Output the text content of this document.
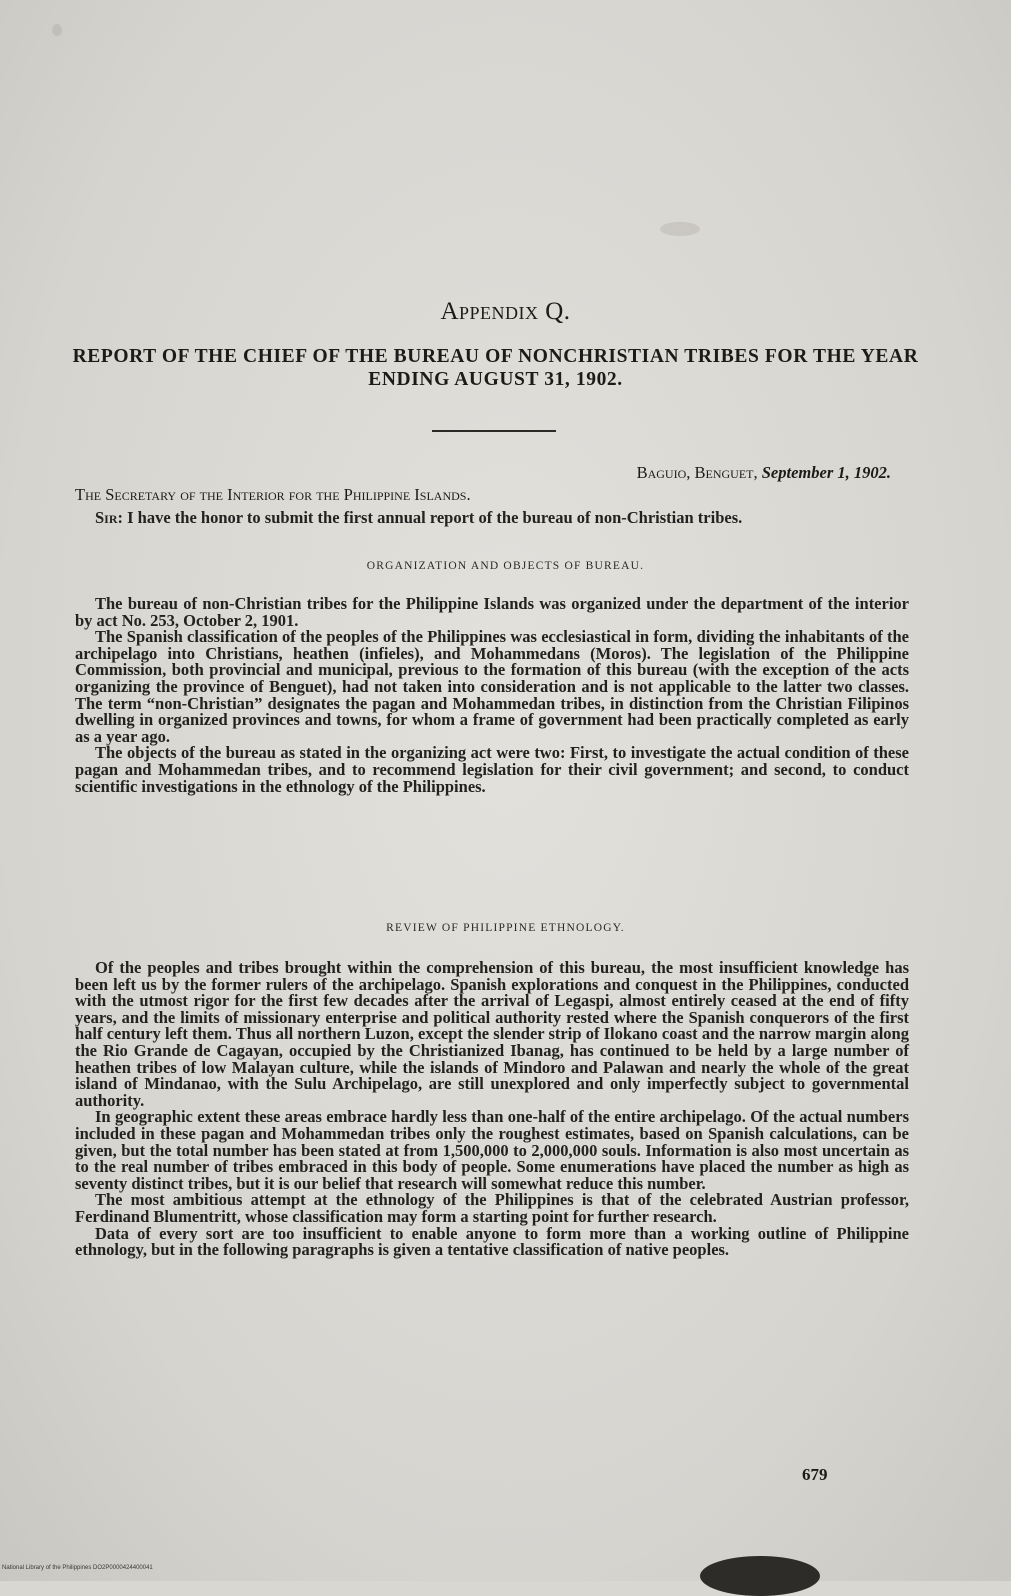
Appendix Q.
REPORT OF THE CHIEF OF THE BUREAU OF NONCHRISTIAN TRIBES FOR THE YEAR ENDING AUGUST 31, 1902.
Baguio, Benguet, September 1, 1902.
The Secretary of the Interior for the Philippine Islands.

Sir: I have the honor to submit the first annual report of the bureau of non-Christian tribes.

ORGANIZATION AND OBJECTS OF BUREAU.

The bureau of non-Christian tribes for the Philippine Islands was organized under the department of the interior by act No. 253, October 2, 1901.

The Spanish classification of the peoples of the Philippines was ecclesiastical in form, dividing the inhabitants of the archipelago into Christians, heathen (infieles), and Mohammedans (Moros). The legislation of the Philippine Commission, both provincial and municipal, previous to the formation of this bureau (with the exception of the acts organizing the province of Benguet), had not taken into consideration and is not applicable to the latter two classes. The term “non-Christian” designates the pagan and Mohammedan tribes, in distinction from the Christian Filipinos dwelling in organized provinces and towns, for whom a frame of government had been practically completed as early as a year ago.

The objects of the bureau as stated in the organizing act were two: First, to investigate the actual condition of these pagan and Mohammedan tribes, and to recommend legislation for their civil government; and second, to conduct scientific investigations in the ethnology of the Philippines.

REVIEW OF PHILIPPINE ETHNOLOGY.

Of the peoples and tribes brought within the comprehension of this bureau, the most insufficient knowledge has been left us by the former rulers of the archipelago. Spanish explorations and conquest in the Philippines, conducted with the utmost rigor for the first few decades after the arrival of Legaspi, almost entirely ceased at the end of fifty years, and the limits of missionary enterprise and political authority rested where the Spanish conquerors of the first half century left them. Thus all northern Luzon, except the slender strip of Ilokano coast and the narrow margin along the Rio Grande de Cagayan, occupied by the Christianized Ibanag, has continued to be held by a large number of heathen tribes of low Malayan culture, while the islands of Mindoro and Palawan and nearly the whole of the great island of Mindanao, with the Sulu Archipelago, are still unexplored and only imperfectly subject to governmental authority.

In geographic extent these areas embrace hardly less than one-half of the entire archipelago. Of the actual numbers included in these pagan and Mohammedan tribes only the roughest estimates, based on Spanish calculations, can be given, but the total number has been stated at from 1,500,000 to 2,000,000 souls. Information is also most uncertain as to the real number of tribes embraced in this body of people. Some enumerations have placed the number as high as seventy distinct tribes, but it is our belief that research will somewhat reduce this number.

The most ambitious attempt at the ethnology of the Philippines is that of the celebrated Austrian professor, Ferdinand Blumentritt, whose classification may form a starting point for further research.

Data of every sort are too insufficient to enable anyone to form more than a working outline of Philippine ethnology, but in the following paragraphs is given a tentative classification of native peoples.

679
National Library of the Philippines DO2P0000424400041
